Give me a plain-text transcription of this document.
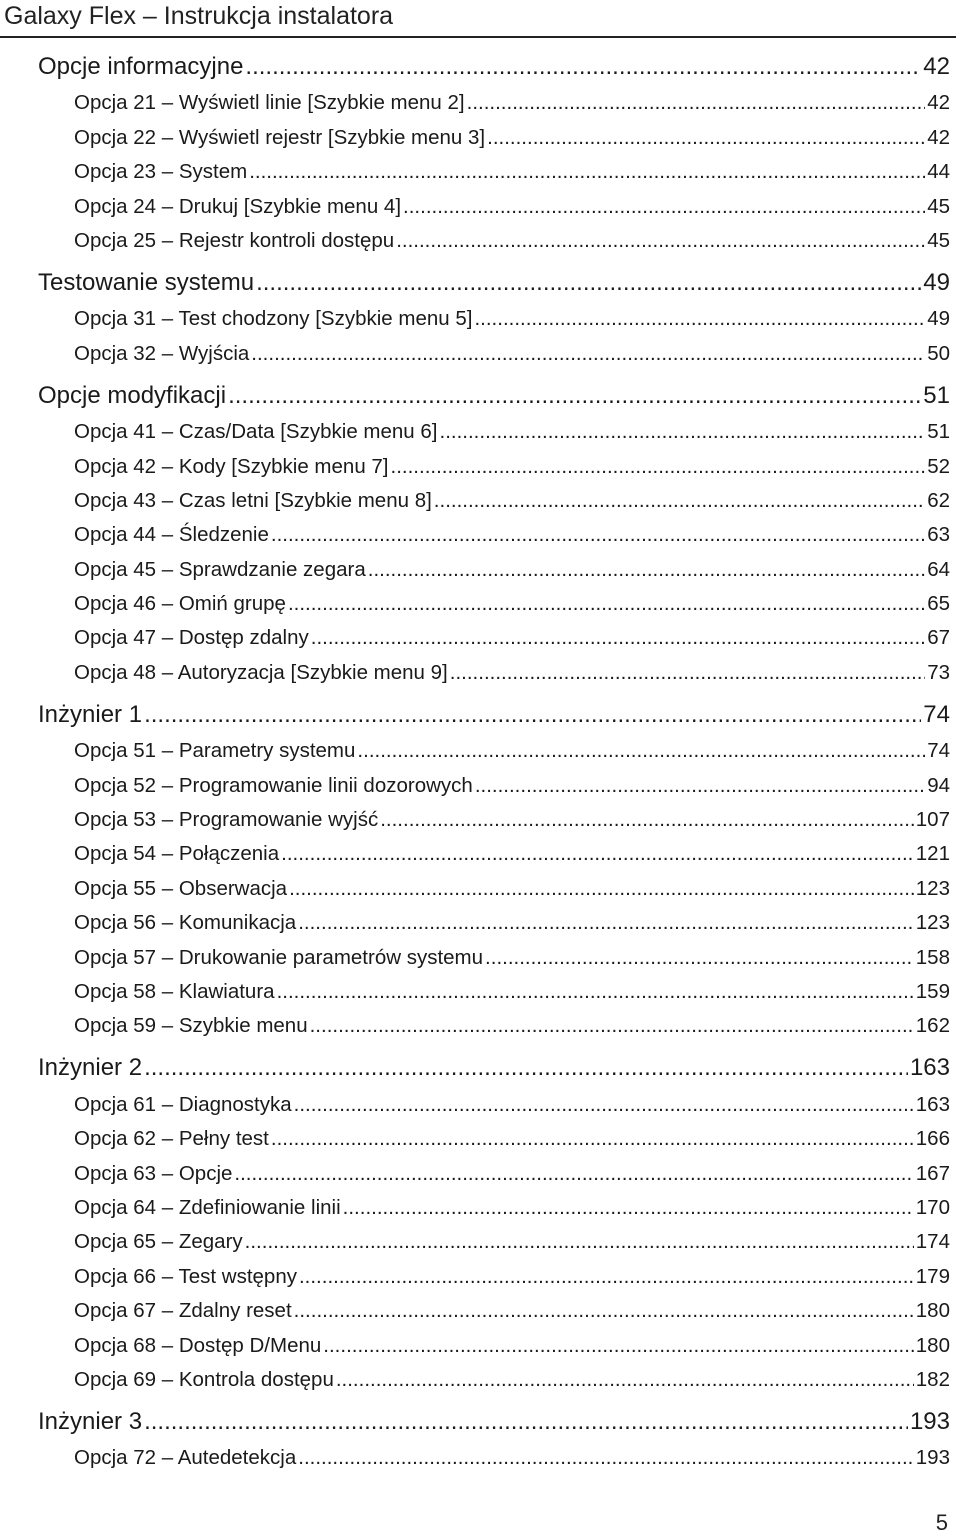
Galaxy Flex – Instrukcja instalatora
Opcje informacyjne .....	42
Opcja 21 – Wyświetl linie [Szybkie menu 2] .....	42
Opcja 22 – Wyświetl rejestr [Szybkie menu 3] .....	42
Opcja 23 – System .....	44
Opcja 24 – Drukuj [Szybkie menu 4] .....	45
Opcja 25 – Rejestr kontroli dostępu .....	45
Testowanie systemu .....	49
Opcja 31 – Test chodzony [Szybkie menu 5] .....	49
Opcja 32 – Wyjścia .....	50
Opcje modyfikacji .....	51
Opcja 41 – Czas/Data [Szybkie menu 6] .....	51
Opcja 42 – Kody [Szybkie menu 7] .....	52
Opcja 43 – Czas letni [Szybkie menu 8] .....	62
Opcja 44 – Śledzenie .....	63
Opcja 45 – Sprawdzanie zegara .....	64
Opcja 46 – Omiń grupę .....	65
Opcja 47 – Dostęp zdalny .....	67
Opcja 48 – Autoryzacja [Szybkie menu 9] .....	73
Inżynier 1 .....	74
Opcja 51 – Parametry systemu .....	74
Opcja 52 – Programowanie linii dozorowych .....	94
Opcja 53 – Programowanie wyjść .....	107
Opcja 54 – Połączenia .....	121
Opcja 55 – Obserwacja .....	123
Opcja 56 – Komunikacja .....	123
Opcja 57 – Drukowanie parametrów systemu .....	158
Opcja 58 – Klawiatura .....	159
Opcja 59 – Szybkie menu .....	162
Inżynier 2 .....	163
Opcja 61 – Diagnostyka .....	163
Opcja 62 – Pełny test .....	166
Opcja 63 – Opcje .....	167
Opcja 64 – Zdefiniowanie linii .....	170
Opcja 65 – Zegary .....	174
Opcja 66 – Test wstępny .....	179
Opcja 67 – Zdalny reset .....	180
Opcja 68 – Dostęp D/Menu .....	180
Opcja 69 – Kontrola dostępu .....	182
Inżynier 3 .....	193
Opcja 72 – Autedetekcja .....	193
5
